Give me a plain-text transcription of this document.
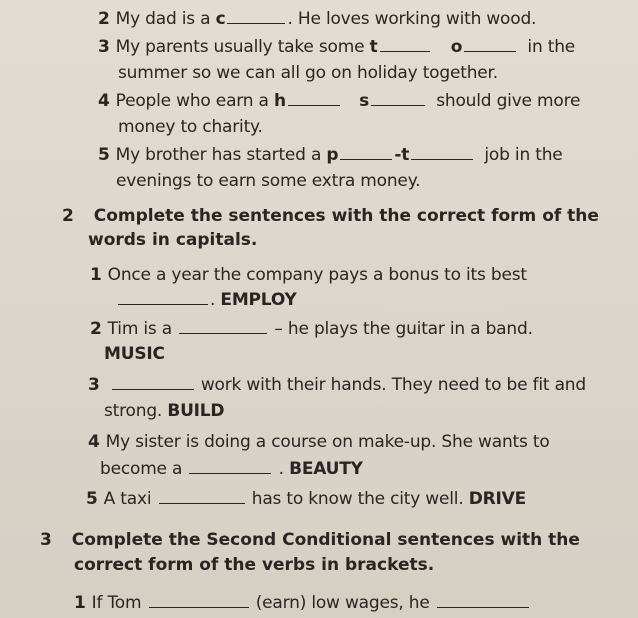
2 My dad is a c	. He loves working with wood.
3 My parents usually take some t	o	in the
summer so we can all go on holiday together.
4 People who earn a h	s	should give more
money to charity.
5 My brother has started a p	-t	job in the
evenings to earn some extra money.
2 Complete the sentences with the correct form of the
words in capitals.
1 Once a year the company pays a bonus to its best
. EMPLOY
2 Tim is a	– he plays the guitar in a band.
MUSIC
3	work with their hands. They need to be fit and
strong. BUILD
4 My sister is doing a course on make-up. She wants to
become a	. BEAUTY
5 A taxi	has to know the city well. DRIVE
3 Complete the Second Conditional sentences with the
correct form of the verbs in brackets.
1 If Tom	(earn) low wages, he
